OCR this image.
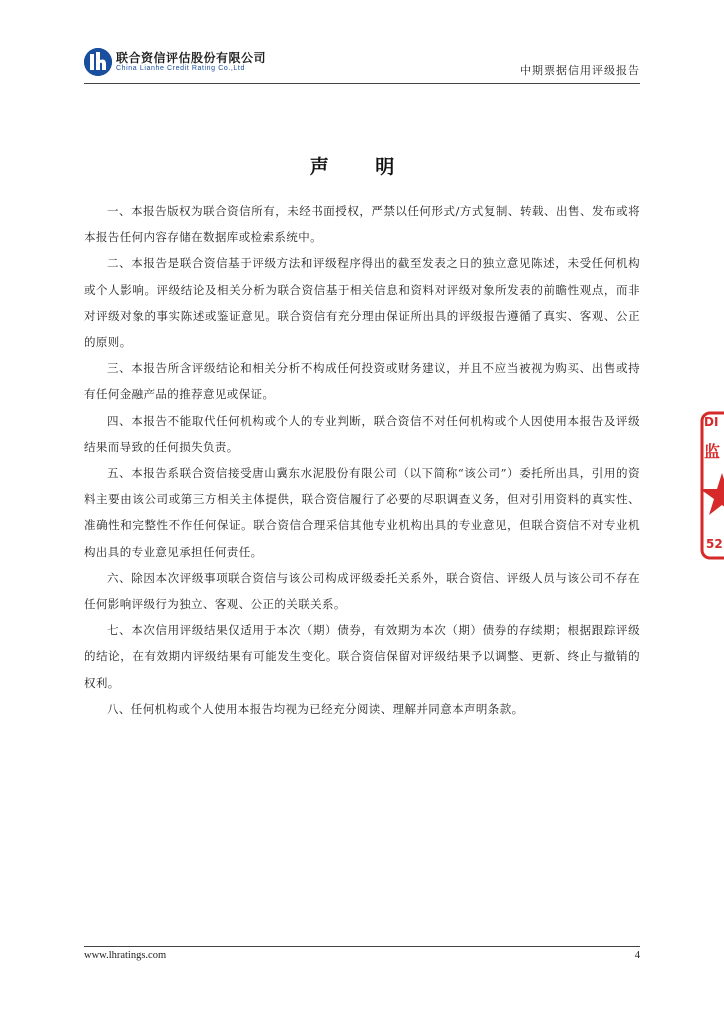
联合资信评估股份有限公司
China Lianhe Credit Rating Co.,Ltd	中期票据信用评级报告
声 明

一、本报告版权为联合资信所有，未经书面授权，严禁以任何形式/方式复制、转载、出售、发布或将本报告任何内容存储在数据库或检索系统中。

二、本报告是联合资信基于评级方法和评级程序得出的截至发表之日的独立意见陈述，未受任何机构或个人影响。评级结论及相关分析为联合资信基于相关信息和资料对评级对象所发表的前瞻性观点，而非对评级对象的事实陈述或鉴证意见。联合资信有充分理由保证所出具的评级报告遵循了真实、客观、公正的原则。

三、本报告所含评级结论和相关分析不构成任何投资或财务建议，并且不应当被视为购买、出售或持有任何金融产品的推荐意见或保证。

四、本报告不能取代任何机构或个人的专业判断，联合资信不对任何机构或个人因使用本报告及评级结果而导致的任何损失负责。

五、本报告系联合资信接受唐山冀东水泥股份有限公司（以下简称“该公司”）委托所出具，引用的资料主要由该公司或第三方相关主体提供，联合资信履行了必要的尽职调查义务，但对引用资料的真实性、准确性和完整性不作任何保证。联合资信合理采信其他专业机构出具的专业意见，但联合资信不对专业机构出具的专业意见承担任何责任。

六、除因本次评级事项联合资信与该公司构成评级委托关系外，联合资信、评级人员与该公司不存在任何影响评级行为独立、客观、公正的关联关系。

七、本次信用评级结果仅适用于本次（期）债券，有效期为本次（期）债券的存续期；根据跟踪评级的结论，在有效期内评级结果有可能发生变化。联合资信保留对评级结果予以调整、更新、终止与撤销的权利。

八、任何机构或个人使用本报告均视为已经充分阅读、理解并同意本声明条款。

DI
监
52
www.lhratings.com	4
